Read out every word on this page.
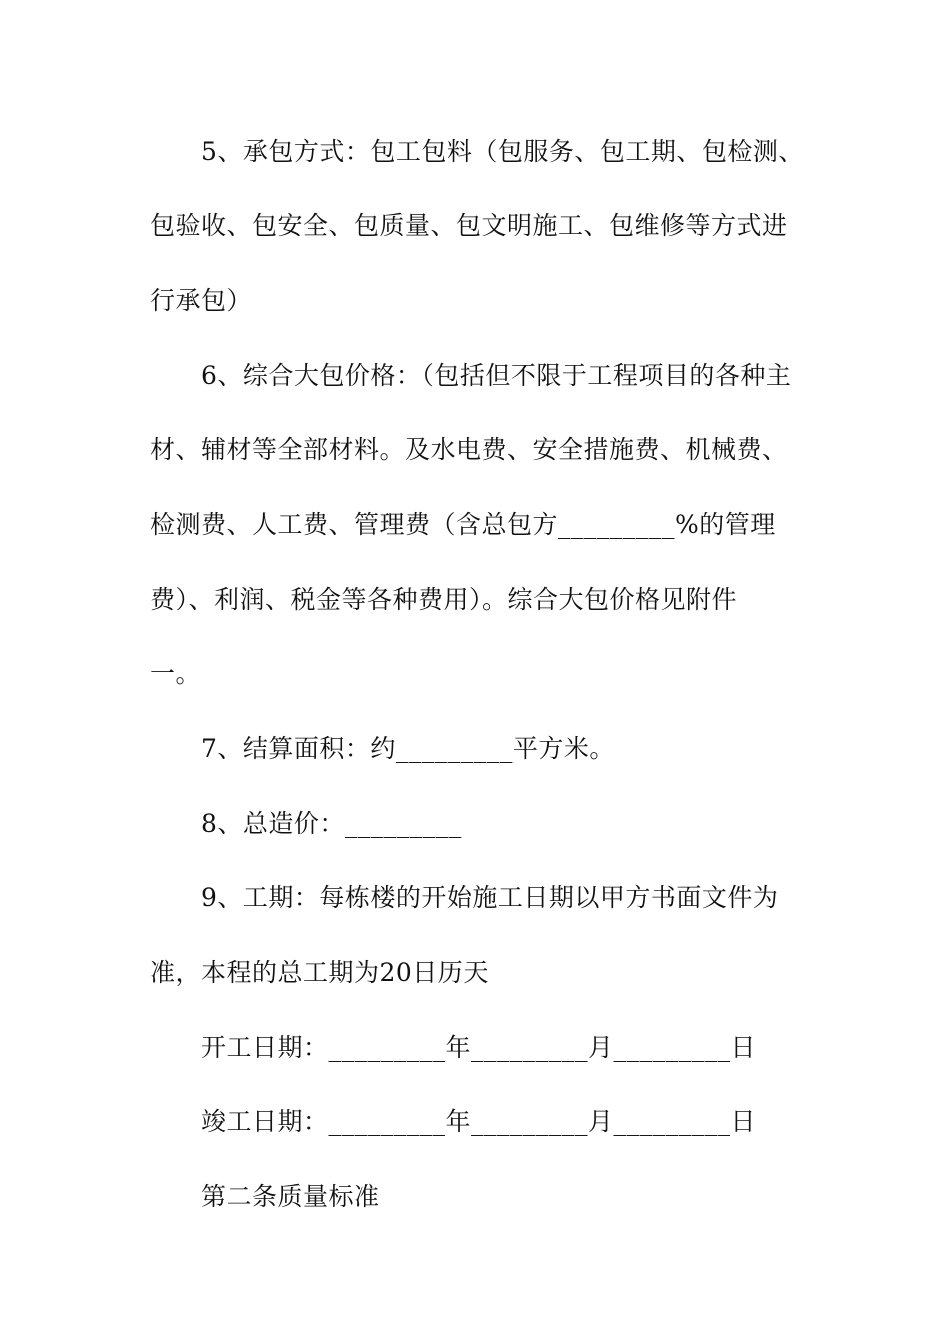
5、承包方式：包工包料（包服务、包工期、包检测、
包验收、包安全、包质量、包文明施工、包维修等方式进
行承包）
6、综合大包价格：（包括但不限于工程项目的各种主
材、辅材等全部材料。及水电费、安全措施费、机械费、
检测费、人工费、管理费（含总包方_________%的管理
费）、利润、税金等各种费用）。综合大包价格见附件
一。
7、结算面积：约_________平方米。
8、总造价：_________
9、工期：每栋楼的开始施工日期以甲方书面文件为
准，本程的总工期为20日历天
开工日期：_________年_________月_________日
竣工日期：_________年_________月_________日
第二条质量标准
